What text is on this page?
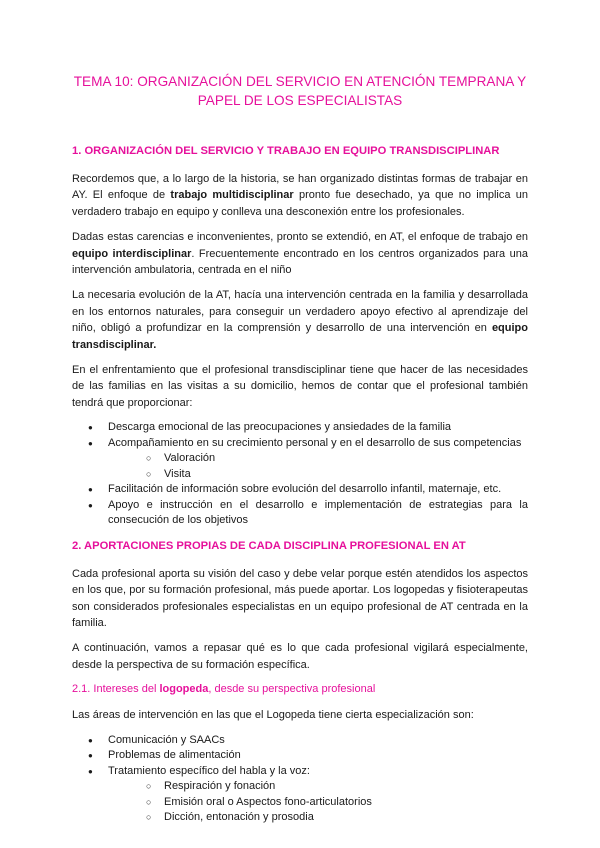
TEMA 10: ORGANIZACIÓN DEL SERVICIO EN ATENCIÓN TEMPRANA Y PAPEL DE LOS ESPECIALISTAS
1. ORGANIZACIÓN DEL SERVICIO Y TRABAJO EN EQUIPO TRANSDISCIPLINAR

Recordemos que, a lo largo de la historia, se han organizado distintas formas de trabajar en AY. El enfoque de trabajo multidisciplinar pronto fue desechado, ya que no implica un verdadero trabajo en equipo y conlleva una desconexión entre los profesionales.

Dadas estas carencias e inconvenientes, pronto se extendió, en AT, el enfoque de trabajo en equipo interdisciplinar. Frecuentemente encontrado en los centros organizados para una intervención ambulatoria, centrada en el niño

La necesaria evolución de la AT, hacía una intervención centrada en la familia y desarrollada en los entornos naturales, para conseguir un verdadero apoyo efectivo al aprendizaje del niño, obligó a profundizar en la comprensión y desarrollo de una intervención en equipo transdisciplinar.

En el enfrentamiento que el profesional transdisciplinar tiene que hacer de las necesidades de las familias en las visitas a su domicilio, hemos de contar que el profesional también tendrá que proporcionar:

● Descarga emocional de las preocupaciones y ansiedades de la familia
● Acompañamiento en su crecimiento personal y en el desarrollo de sus competencias
○ Valoración
○ Visita
● Facilitación de información sobre evolución del desarrollo infantil, maternaje, etc.
● Apoyo e instrucción en el desarrollo e implementación de estrategias para la consecución de los objetivos
2. APORTACIONES PROPIAS DE CADA DISCIPLINA PROFESIONAL EN AT

Cada profesional aporta su visión del caso y debe velar porque estén atendidos los aspectos en los que, por su formación profesional, más puede aportar. Los logopedas y fisioterapeutas son considerados profesionales especialistas en un equipo profesional de AT centrada en la familia.

A continuación, vamos a repasar qué es lo que cada profesional vigilará especialmente, desde la perspectiva de su formación específica.

2.1. Intereses del logopeda, desde su perspectiva profesional

Las áreas de intervención en las que el Logopeda tiene cierta especialización son:

● Comunicación y SAACs
● Problemas de alimentación
● Tratamiento específico del habla y la voz:
○ Respiración y fonación
○ Emisión oral o Aspectos fono-articulatorios
○ Dicción, entonación y prosodia
